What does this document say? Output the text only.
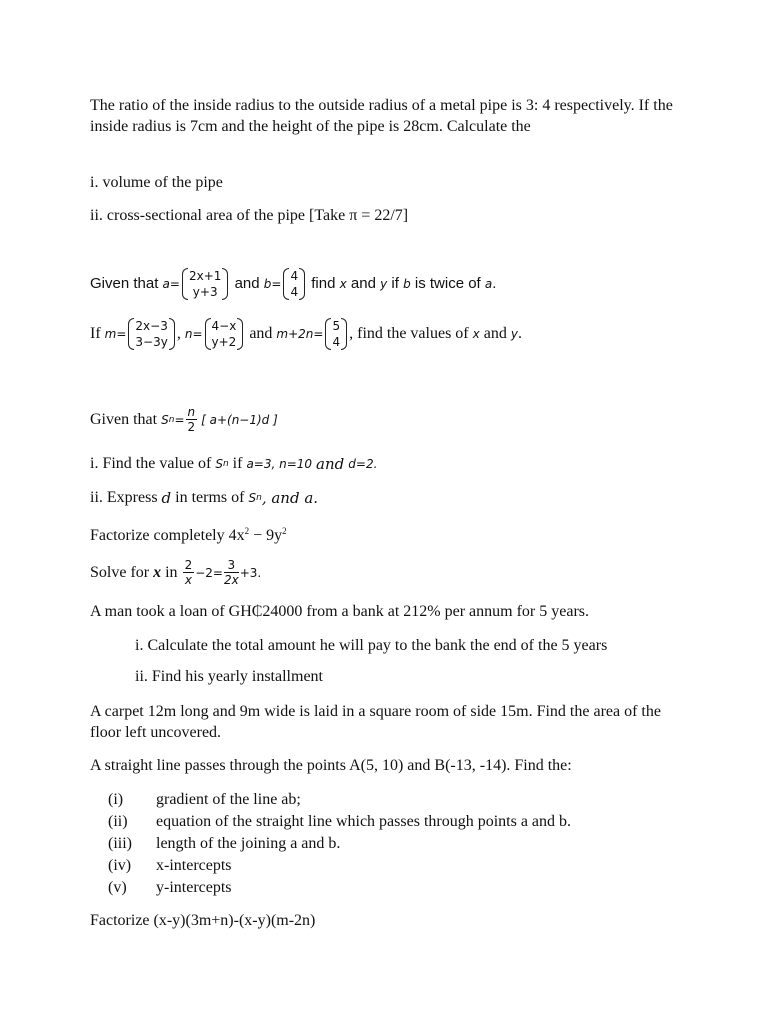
The ratio of the inside radius to the outside radius of a metal pipe is 3: 4 respectively. If the inside radius is 7cm and the height of the pipe is 28cm. Calculate the
i. volume of the pipe
ii. cross-sectional area of the pipe [Take π = 22/7]
Given that
a=
2x+1
y+3
and
b=
4
4
find
x
and
y
if
b
is twice of
a .
If
m=
2x−3
3−3y ,
n=
4−x
y+2
and
m+2n=
5
4 , find the values of
x
and
y .
Given that
S $n = \frac{n}{2}$ [ a+(n−1)d ]
i. Find the value of
S n
if
a=3, n=10
and
d=2.
ii. Express
d
in terms of
S n , and a.
Factorize completely $4x^2 - 9y^2$
Solve for
x
in
$\frac{2}{x} -2= \frac{3}{2x} +3$.
A man took a loan of GH₵24000 from a bank at 212% per annum for 5 years.
i. Calculate the total amount he will pay to the bank the end of the 5 years
ii. Find his yearly installment
A carpet 12m long and 9m wide is laid in a square room of side 15m. Find the area of the floor left uncovered.
A straight line passes through the points A(5, 10) and B(-13, -14). Find the:
(i) gradient of the line ab;
(ii) equation of the straight line which passes through points a and b.
(iii) length of the joining a and b.
(iv) x-intercepts
(v) y-intercepts
Factorize (x-y)(3m+n)-(x-y)(m-2n)
